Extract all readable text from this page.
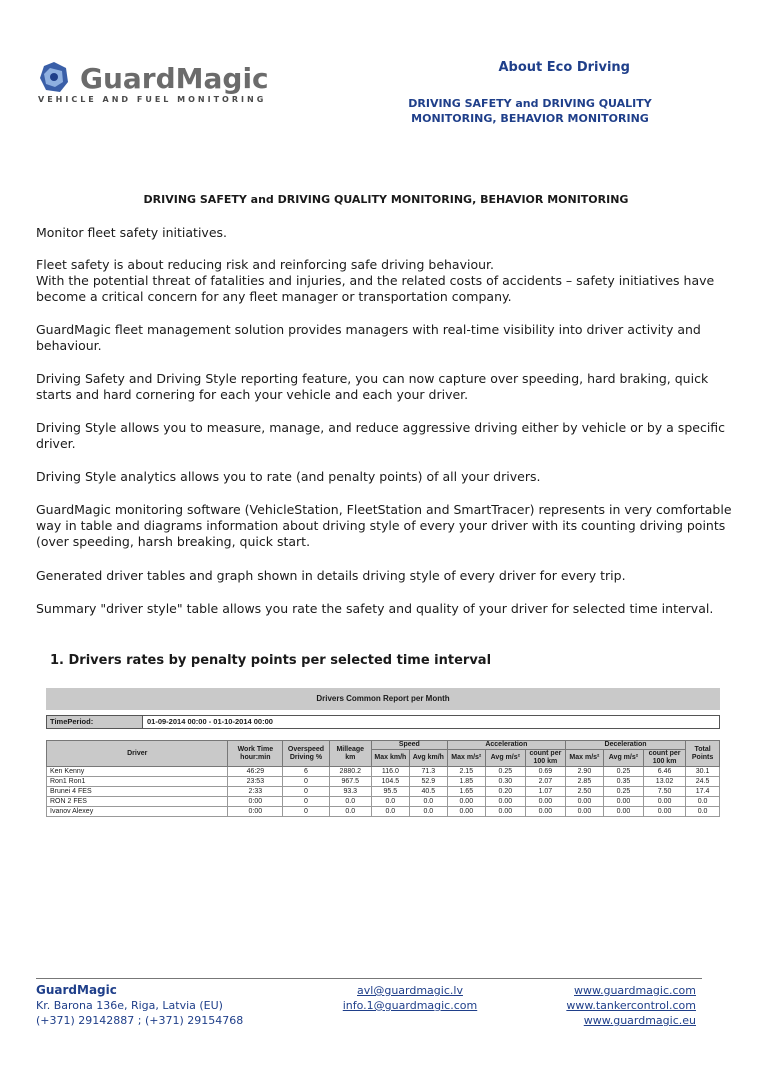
GuardMagic
VEHICLE AND FUEL MONITORING
About Eco Driving
DRIVING SAFETY and DRIVING QUALITY
MONITORING, BEHAVIOR MONITORING
DRIVING SAFETY and DRIVING QUALITY MONITORING, BEHAVIOR MONITORING

Monitor fleet safety initiatives.

Fleet safety is about reducing risk and reinforcing safe driving behaviour.

With the potential threat of fatalities and injuries, and the related costs of accidents – safety initiatives have become a critical concern for any fleet manager or transportation company.

GuardMagic fleet management solution provides managers with real-time visibility into driver activity and behaviour.

Driving Safety and Driving Style reporting feature, you can now capture over speeding, hard braking, quick starts and hard cornering for each your vehicle and each your driver.

Driving Style allows you to measure, manage, and reduce aggressive driving either by vehicle or by a specific driver.

Driving Style analytics allows you to rate (and penalty points) of all your drivers.

GuardMagic monitoring software (VehicleStation, FleetStation and SmartTracer) represents in very comfortable way in table and diagrams information about driving style of every your driver with its counting driving points (over speeding, harsh breaking, quick start.

Generated driver tables and graph shown in details driving style of every driver for every trip.

Summary "driver style" table allows you rate the safety and quality of your driver for selected time interval.

1. Drivers rates by penalty points per selected time interval
Drivers Common Report per Month
TimePeriod:	01-09-2014 00:00 - 01-10-2014 00:00
Driver	Work Time hour:min	Overspeed Driving %	Milleage km	Speed		Acceleration			Deceleration			Total Points
				Max km/h	Avg km/h	Max m/s²	Avg m/s²	count per 100 km	Max m/s²	Avg m/s²	count per 100 km	
Ken Kenny	46:29	6	2880.2	116.0	71.3	2.15	0.25	0.69	2.90	0.25	6.46	30.1
Ron1 Ron1	23:53	0	967.5	104.5	52.9	1.85	0.30	2.07	2.85	0.35	13.02	24.5
Brunei 4 FES	2:33	0	93.3	95.5	40.5	1.65	0.20	1.07	2.50	0.25	7.50	17.4
RON 2 FES	0:00	0	0.0	0.0	0.0	0.00	0.00	0.00	0.00	0.00	0.00	0.0
Ivanov Alexey	0:00	0	0.0	0.0	0.0	0.00	0.00	0.00	0.00	0.00	0.00	0.0
GuardMagic
Kr. Barona 136e, Riga, Latvia (EU)
(+371) 29142887 ; (+371) 29154768
avl@guardmagic.lv
info.1@guardmagic.com
www.guardmagic.com
www.tankercontrol.com
www.guardmagic.eu
